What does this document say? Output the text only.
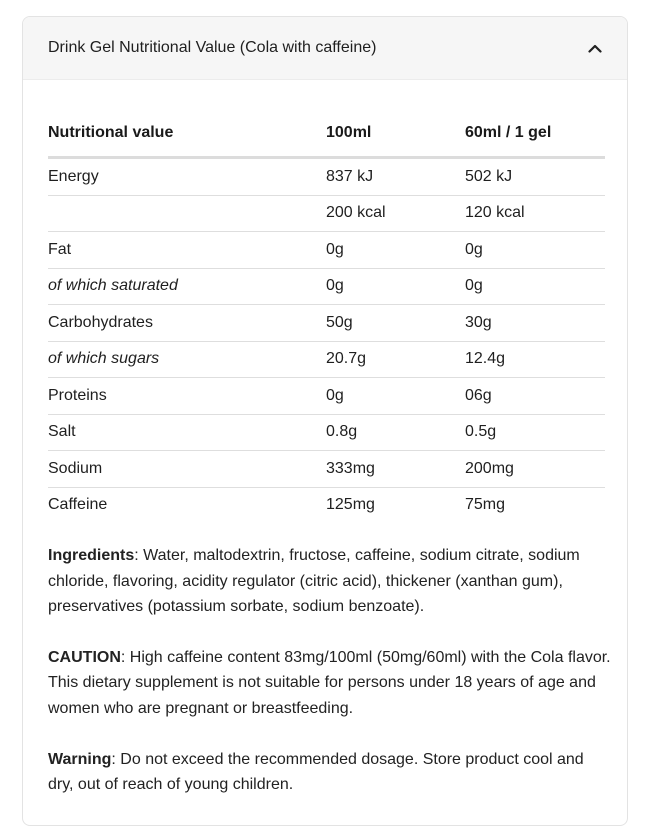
Drink Gel Nutritional Value (Cola with caffeine)
Nutritional value	100ml	60ml / 1 gel
Energy	837 kJ	502 kJ
	200 kcal	120 kcal
Fat	0g	0g
of which saturated	0g	0g
Carbohydrates	50g	30g
of which sugars	20.7g	12.4g
Proteins	0g	06g
Salt	0.8g	0.5g
Sodium	333mg	200mg
Caffeine	125mg	75mg

Ingredients: Water, maltodextrin, fructose, caffeine, sodium citrate, sodium chloride, flavoring, acidity regulator (citric acid), thickener (xanthan gum), preservatives (potassium sorbate, sodium benzoate).

CAUTION: High caffeine content 83mg/100ml (50mg/60ml) with the Cola flavor. This dietary supplement is not suitable for persons under 18 years of age and women who are pregnant or breastfeeding.

Warning: Do not exceed the recommended dosage. Store product cool and dry, out of reach of young children.
